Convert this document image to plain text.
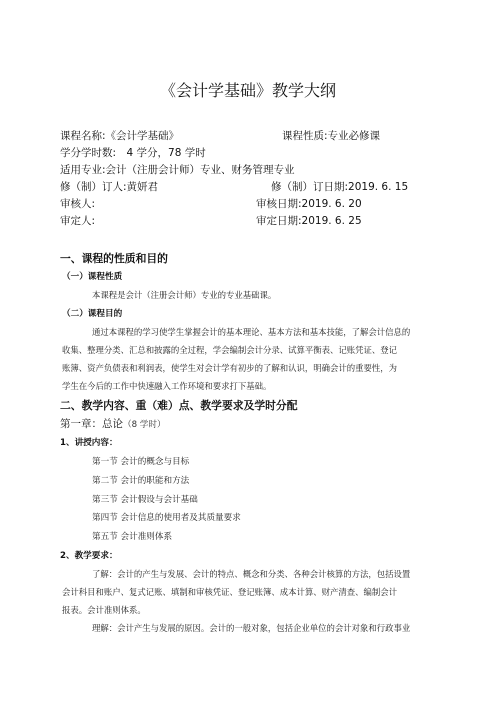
《会计学基础》教学大纲
课程名称:《会计学基础》	课程性质:专业必修课
学分学时数:　4 学分，78 学时
适用专业:会计（注册会计师）专业、财务管理专业
修（制）订人:黄妍君	修（制）订日期:2019. 6. 15
审核人:	审核日期:2019. 6. 20
审定人:	审定日期:2019. 6. 25
一、课程的性质和目的
（一）课程性质
本课程是会计（注册会计师）专业的专业基础课。
（二）课程目的
通过本课程的学习使学生掌握会计的基本理论、基本方法和基本技能，了解会计信息的
收集、整理分类、汇总和披露的全过程，学会编制会计分录、试算平衡表、记账凭证、登记
账簿、资产负债表和利润表，使学生对会计学有初步的了解和认识，明确会计的重要性，为
学生在今后的工作中快速融入工作环境和要求打下基础。
二、教学内容、重（难）点、教学要求及学时分配
第一章：总论（8 学时）
1、讲授内容：
第一节 会计的概念与目标
第二节 会计的职能和方法
第三节 会计假设与会计基础
第四节 会计信息的使用者及其质量要求
第五节 会计准则体系
2、教学要求：
了解：会计的产生与发展、会计的特点、概念和分类、各种会计核算的方法，包括设置
会计科目和账户、复式记账、填制和审核凭证、登记账簿、成本计算、财产清查、编制会计
报表。会计准则体系。
理解：会计产生与发展的原因。会计的一般对象，包括企业单位的会计对象和行政事业
